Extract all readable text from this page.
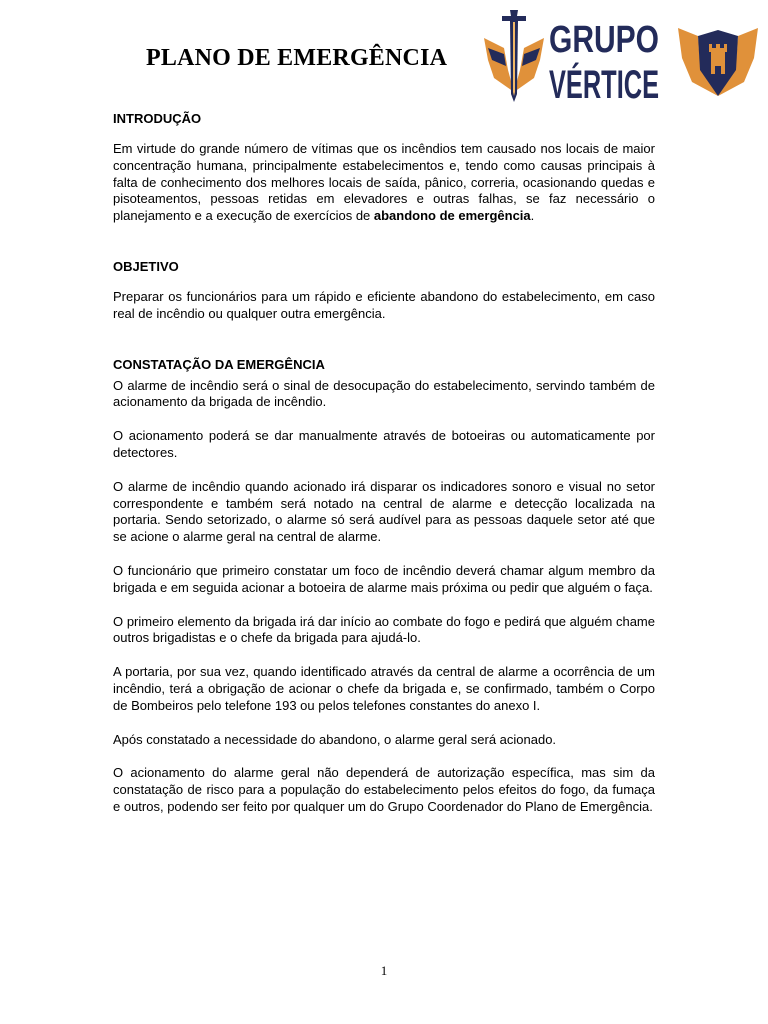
PLANO DE EMERGÊNCIA	GRUPO
VÉRTICE

INTRODUÇÃO

Em virtude do grande número de vítimas que os incêndios tem causado nos locais de maior concentração humana, principalmente estabelecimentos e, tendo como causas principais à falta de conhecimento dos melhores locais de saída, pânico, correria, ocasionando quedas e pisoteamentos, pessoas retidas em elevadores e outras falhas, se faz necessário o planejamento e a execução de exercícios de abandono de emergência.

OBJETIVO

Preparar os funcionários para um rápido e eficiente abandono do estabelecimento, em caso real de incêndio ou qualquer outra emergência.

CONSTATAÇÃO DA EMERGÊNCIA

O alarme de incêndio será o sinal de desocupação do estabelecimento, servindo também de acionamento da brigada de incêndio.

O acionamento poderá se dar manualmente através de botoeiras ou automaticamente por detectores.

O alarme de incêndio quando acionado irá disparar os indicadores sonoro e visual no setor correspondente e também será notado na central de alarme e detecção localizada na portaria. Sendo setorizado, o alarme só será audível para as pessoas daquele setor até que se acione o alarme geral na central de alarme.

O funcionário que primeiro constatar um foco de incêndio deverá chamar algum membro da brigada e em seguida acionar a botoeira de alarme mais próxima ou pedir que alguém o faça.

O primeiro elemento da brigada irá dar início ao combate do fogo e pedirá que alguém chame outros brigadistas e o chefe da brigada para ajudá-lo.

A portaria, por sua vez, quando identificado através da central de alarme a ocorrência de um incêndio, terá a obrigação de acionar o chefe da brigada e, se confirmado, também o Corpo de Bombeiros pelo telefone 193 ou pelos telefones constantes do anexo I.

Após constatado a necessidade do abandono, o alarme geral será acionado.

O acionamento do alarme geral não dependerá de autorização específica, mas sim da constatação de risco para a população do estabelecimento pelos efeitos do fogo, da fumaça e outros, podendo ser feito por qualquer um do Grupo Coordenador do Plano de Emergência.

1
